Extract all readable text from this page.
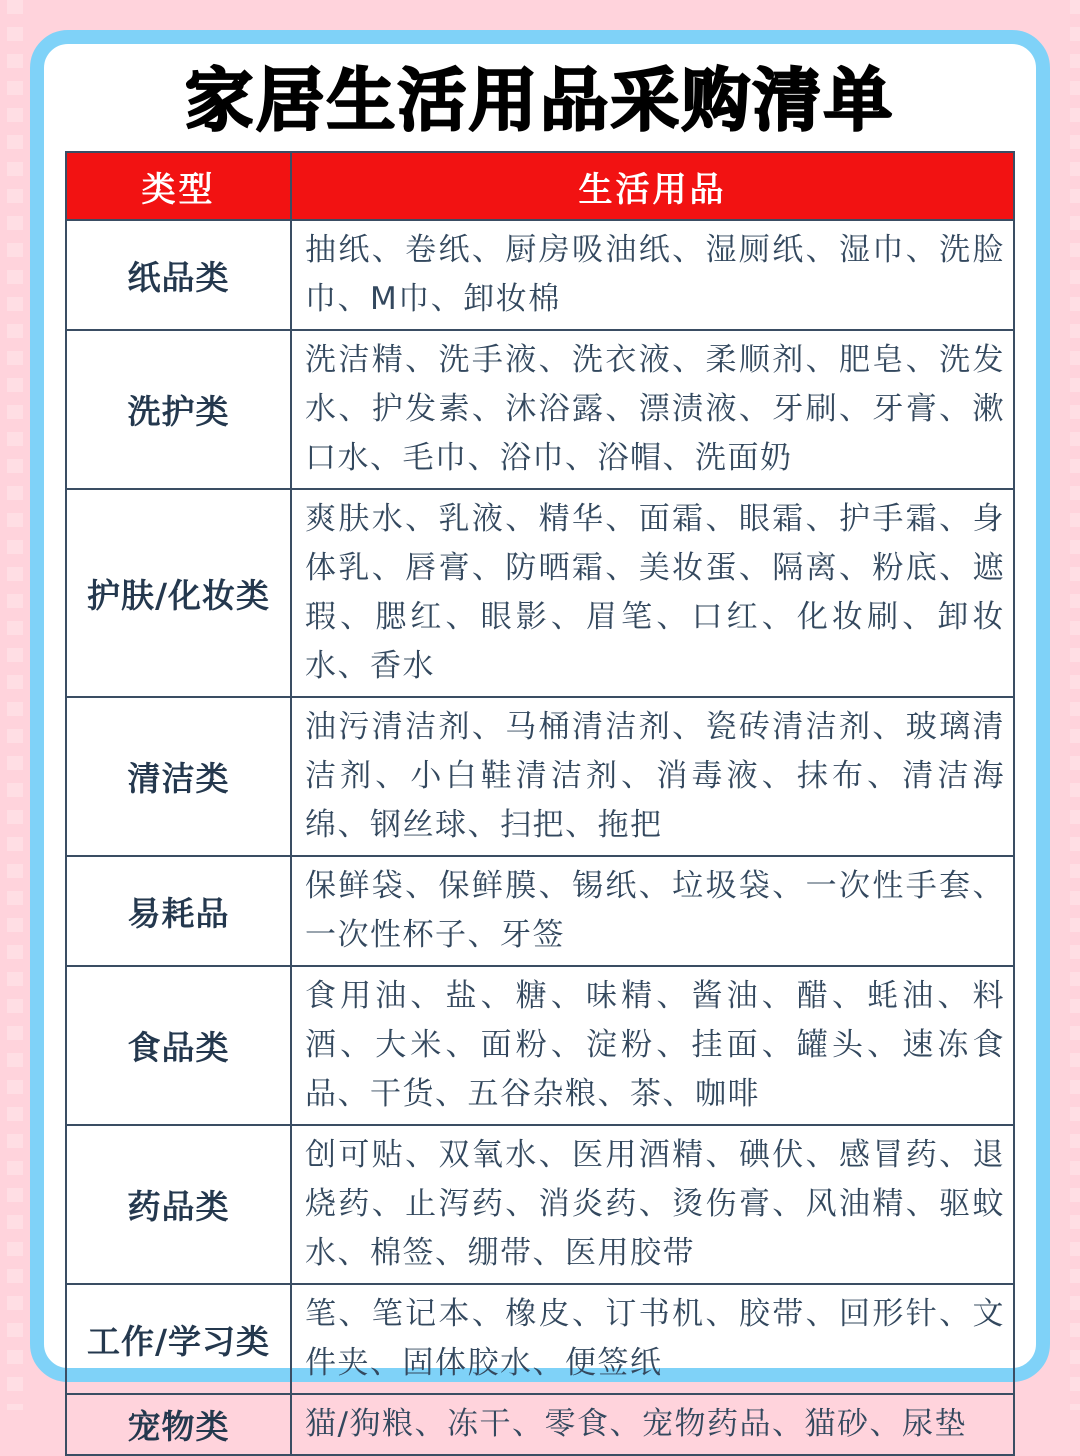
家居生活用品采购清单
类型	生活用品
纸品类	抽纸、卷纸、厨房吸油纸、湿厕纸、湿巾、洗脸巾、M巾、卸妆棉
洗护类	洗洁精、洗手液、洗衣液、柔顺剂、肥皂、洗发水、护发素、沐浴露、漂渍液、牙刷、牙膏、漱口水、毛巾、浴巾、浴帽、洗面奶
护肤/化妆类	爽肤水、乳液、精华、面霜、眼霜、护手霜、身体乳、唇膏、防晒霜、美妆蛋、隔离、粉底、遮瑕、腮红、眼影、眉笔、口红、化妆刷、卸妆水、香水
清洁类	油污清洁剂、马桶清洁剂、瓷砖清洁剂、玻璃清洁剂、小白鞋清洁剂、消毒液、抹布、清洁海绵、钢丝球、扫把、拖把
易耗品	保鲜袋、保鲜膜、锡纸、垃圾袋、一次性手套、一次性杯子、牙签
食品类	食用油、盐、糖、味精、酱油、醋、蚝油、料酒、大米、面粉、淀粉、挂面、罐头、速冻食品、干货、五谷杂粮、茶、咖啡
药品类	创可贴、双氧水、医用酒精、碘伏、感冒药、退烧药、止泻药、消炎药、烫伤膏、风油精、驱蚊水、棉签、绷带、医用胶带
工作/学习类	笔、笔记本、橡皮、订书机、胶带、回形针、文件夹、固体胶水、便签纸
宠物类	猫/狗粮、冻干、零食、宠物药品、猫砂、尿垫
